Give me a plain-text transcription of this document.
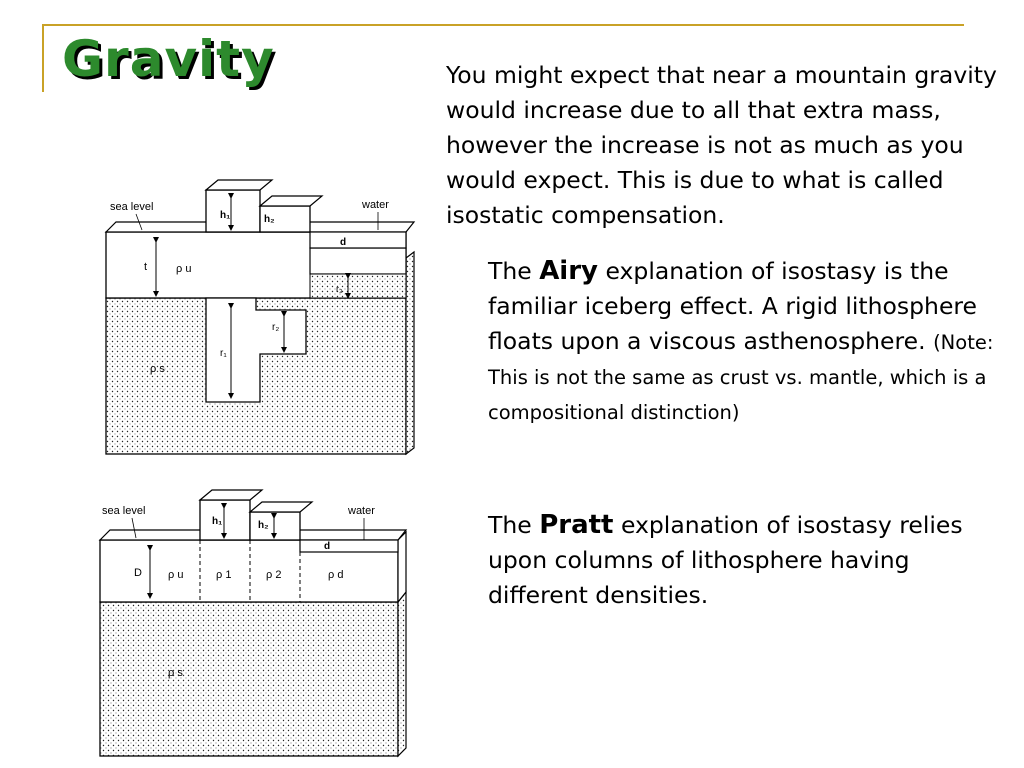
Gravity	You might expect that near a mountain gravity would increase due to all that extra mass, however the increase is not as much as you would expect. This is due to what is called isostatic compensation.
The Airy explanation of isostasy is the familiar iceberg effect. A rigid lithosphere floats upon a viscous asthenosphere. (Note: This is not the same as crust vs. mantle, which is a compositional distinction)
The Pratt explanation of isostasy relies upon columns of lithosphere having different densities.
sea level	water
h₁	h₂
d
t	ρ u
r₁
r₂
r₃
ρ s
sea level	water
h₁	h₂
d
D ρ u	ρ 1	ρ 2	ρ d
ρ s
